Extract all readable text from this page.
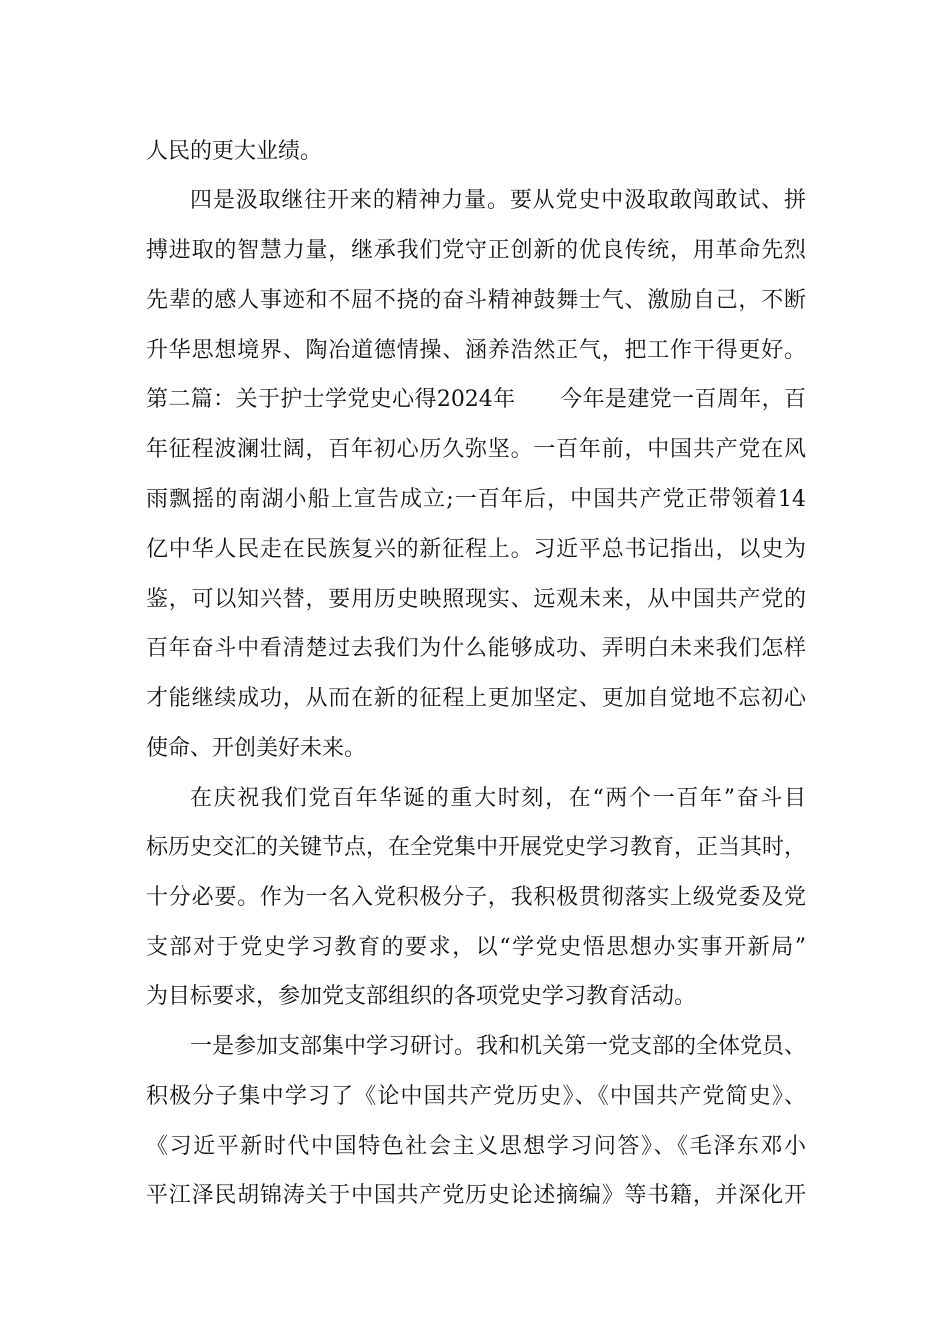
人民的更大业绩。
四是汲取继往开来的精神力量。要从党史中汲取敢闯敢试、拼
搏进取的智慧力量，继承我们党守正创新的优良传统，用革命先烈
先辈的感人事迹和不屈不挠的奋斗精神鼓舞士气、激励自己，不断
升华思想境界、陶冶道德情操、涵养浩然正气，把工作干得更好。
第二篇：关于护士学党史心得2024年　　今年是建党一百周年，百
年征程波澜壮阔，百年初心历久弥坚。一百年前，中国共产党在风
雨飘摇的南湖小船上宣告成立;一百年后，中国共产党正带领着14
亿中华人民走在民族复兴的新征程上。习近平总书记指出，以史为
鉴，可以知兴替，要用历史映照现实、远观未来，从中国共产党的
百年奋斗中看清楚过去我们为什么能够成功、弄明白未来我们怎样
才能继续成功，从而在新的征程上更加坚定、更加自觉地不忘初心
使命、开创美好未来。
在庆祝我们党百年华诞的重大时刻，在“两个一百年”奋斗目
标历史交汇的关键节点，在全党集中开展党史学习教育，正当其时，
十分必要。作为一名入党积极分子，我积极贯彻落实上级党委及党
支部对于党史学习教育的要求，以“学党史悟思想办实事开新局”
为目标要求，参加党支部组织的各项党史学习教育活动。
一是参加支部集中学习研讨。我和机关第一党支部的全体党员、
积极分子集中学习了《论中国共产党历史》、《中国共产党简史》、
《习近平新时代中国特色社会主义思想学习问答》、《毛泽东邓小
平江泽民胡锦涛关于中国共产党历史论述摘编》等书籍，并深化开
